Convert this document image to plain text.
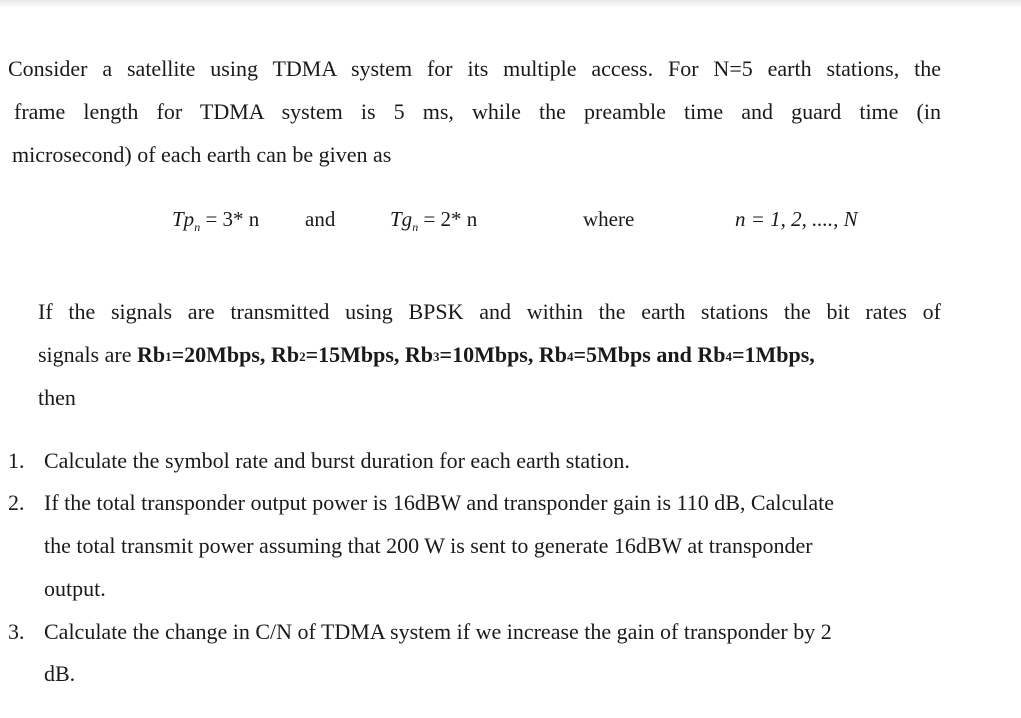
Consider a satellite using TDMA system for its multiple access. For N=5 earth stations, the
frame length for TDMA system is 5 ms, while the preamble time and guard time (in
microsecond) of each earth can be given as
$Tp_n = 3*$ n and	$Tg_n = 2*$ n	where	n = 1, 2, ...., N
If the signals are transmitted using BPSK and within the earth stations the bit rates of
signals are Rb1=20Mbps, Rb2=15Mbps, Rb3=10Mbps, Rb4=5Mbps and Rb4=1Mbps,
then
1. Calculate the symbol rate and burst duration for each earth station.
2. If the total transponder output power is 16dBW and transponder gain is 110 dB, Calculate
the total transmit power assuming that 200 W is sent to generate 16dBW at transponder
output.
3. Calculate the change in C/N of TDMA system if we increase the gain of transponder by 2
dB.
